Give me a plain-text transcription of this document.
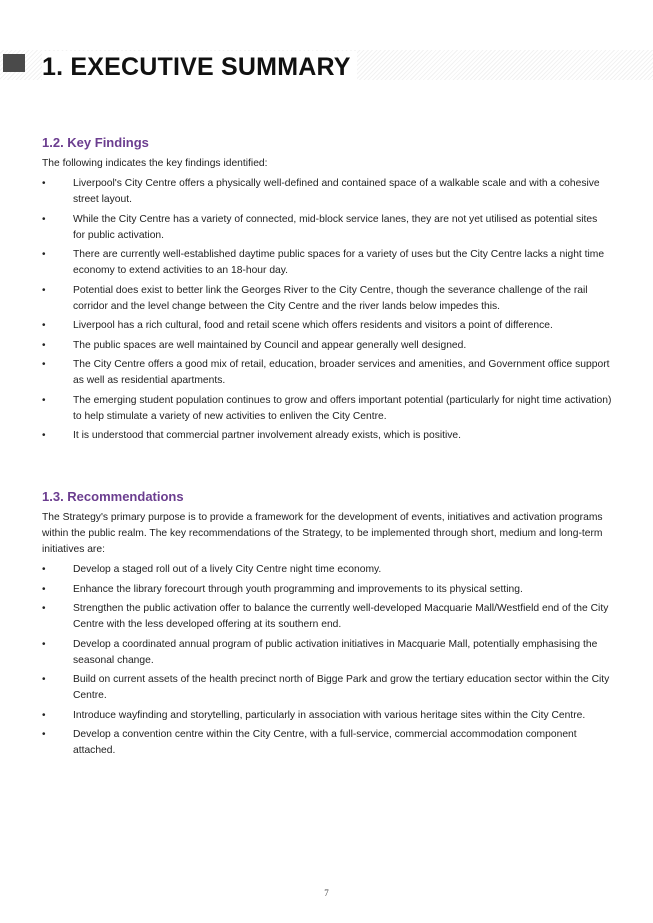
1. EXECUTIVE SUMMARY
1.2. Key Findings

The following indicates the key findings identified:

•	Liverpool's City Centre offers a physically well-defined and contained space of a walkable scale and with a cohesive street layout.
•	While the City Centre has a variety of connected, mid-block service lanes, they are not yet utilised as potential sites for public activation.
•	There are currently well-established daytime public spaces for a variety of uses but the City Centre lacks a night time economy to extend activities to an 18-hour day.
•	Potential does exist to better link the Georges River to the City Centre, though the severance challenge of the rail corridor and the level change between the City Centre and the river lands below impedes this.
•	Liverpool has a rich cultural, food and retail scene which offers residents and visitors a point of difference.
•	The public spaces are well maintained by Council and appear generally well designed.
•	The City Centre offers a good mix of retail, education, broader services and amenities, and Government office support as well as residential apartments.
•	The emerging student population continues to grow and offers important potential (particularly for night time activation) to help stimulate a variety of new activities to enliven the City Centre.
•	It is understood that commercial partner involvement already exists, which is positive.
1.3. Recommendations

The Strategy's primary purpose is to provide a framework for the development of events, initiatives and activation programs within the public realm. The key recommendations of the Strategy, to be implemented through short, medium and long-term initiatives are:

•	Develop a staged roll out of a lively City Centre night time economy.
•	Enhance the library forecourt through youth programming and improvements to its physical setting.
•	Strengthen the public activation offer to balance the currently well-developed Macquarie Mall/Westfield end of the City Centre with the less developed offering at its southern end.
•	Develop a coordinated annual program of public activation initiatives in Macquarie Mall, potentially emphasising the seasonal change.
•	Build on current assets of the health precinct north of Bigge Park and grow the tertiary education sector within the City Centre.
•	Introduce wayfinding and storytelling, particularly in association with various heritage sites within the City Centre.
•	Develop a convention centre within the City Centre, with a full-service, commercial accommodation component attached.
7
